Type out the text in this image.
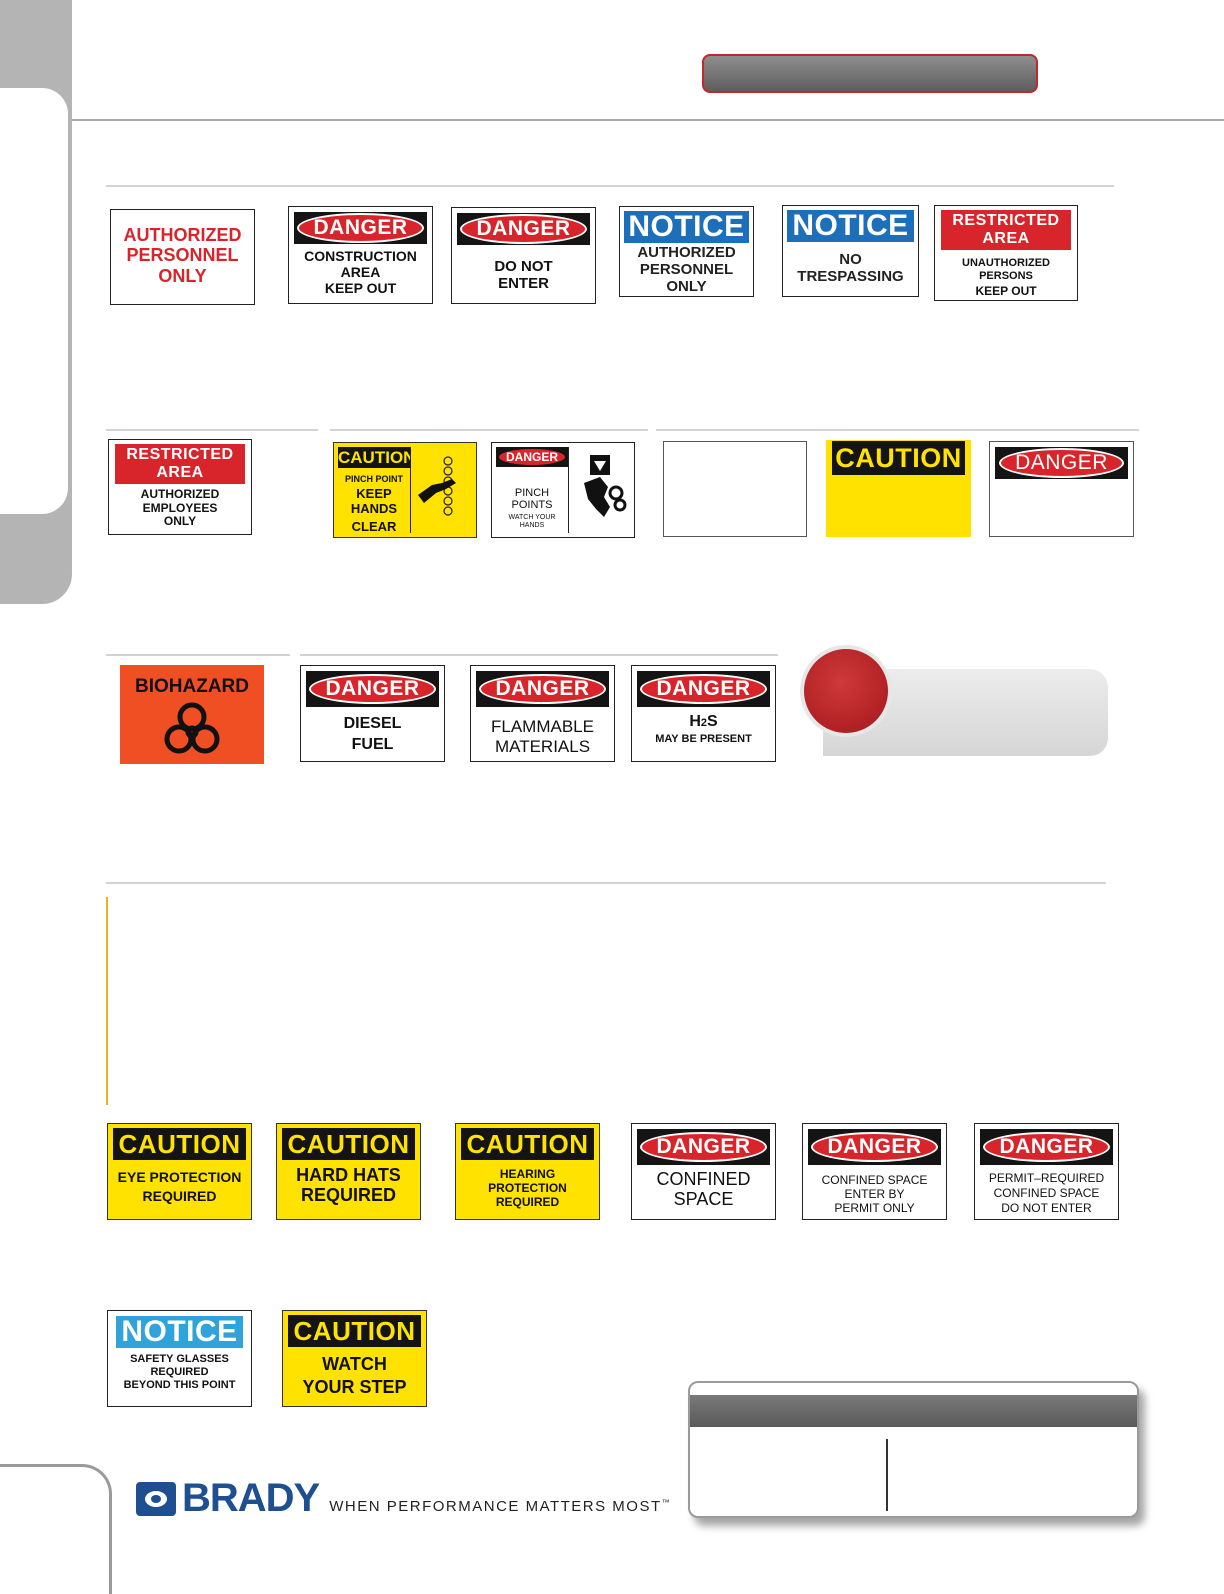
AUTHORIZED
PERSONNEL
ONLY
DANGER
CONSTRUCTION
AREA
KEEP OUT
DANGER
DO NOT
ENTER
NOTICE
AUTHORIZED
PERSONNEL
ONLY
NOTICE
NO
TRESPASSING
RESTRICTED
AREA
UNAUTHORIZED PERSONS
KEEP OUT
RESTRICTED
AREA
AUTHORIZED
EMPLOYEES
ONLY
CAUTION
PINCH POINT
KEEP HANDS
CLEAR
DANGER
PINCH POINTS
WATCH YOUR HANDS
CAUTION	DANGER
BIOHAZARD	DANGER
DIESEL
FUEL
DANGER
FLAMMABLE
MATERIALS
DANGER
H2S
MAY BE PRESENT
CAUTION
EYE PROTECTION
REQUIRED
CAUTION
HARD HATS
REQUIRED
CAUTION
HEARING
PROTECTION
REQUIRED
DANGER
CONFINED
SPACE
DANGER
CONFINED SPACE
ENTER BY
PERMIT ONLY
DANGER
PERMIT–REQUIRED
CONFINED SPACE
DO NOT ENTER
NOTICE
SAFETY GLASSES
REQUIRED
BEYOND THIS POINT
CAUTION
WATCH
YOUR STEP
BRADY WHEN PERFORMANCE MATTERS MOST™
